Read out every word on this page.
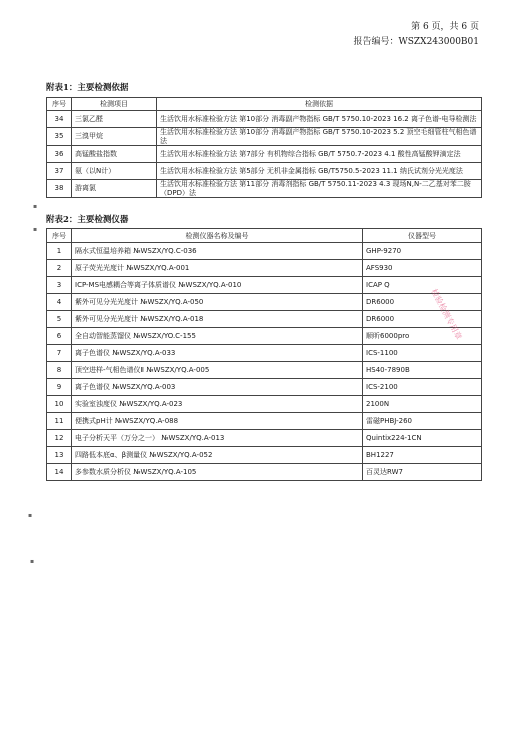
第 6 页，共 6 页
报告编号：WSZX243000B01
附表1：主要检测依据
序号	检测项目	检测依据
34	三氯乙醛	生活饮用水标准检验方法 第10部分 消毒副产物指标 GB/T 5750.10-2023 16.2 离子色谱-电导检测法
35	三溴甲烷	生活饮用水标准检验方法 第10部分 消毒副产物指标 GB/T 5750.10-2023 5.2 顶空毛细管柱气相色谱法
36	高锰酸盐指数	生活饮用水标准检验方法 第7部分 有机物综合指标 GB/T 5750.7-2023 4.1 酸性高锰酸钾滴定法
37	氨（以N计）	生活饮用水标准检验方法 第5部分 无机非金属指标 GB/T5750.5-2023 11.1 纳氏试剂分光光度法
38	游离氯	生活饮用水标准检验方法 第11部分 消毒剂指标 GB/T 5750.11-2023 4.3 现场N,N-二乙基对苯二胺（DPD）法
附表2：主要检测仪器
序号	检测仪器名称及编号	仪器型号
1	隔水式恒温培养箱 №WSZX/YQ.C-036	GHP-9270
2	原子荧光光度计 №WSZX/YQ.A-001	AFS930
3	ICP-MS电感耦合等离子体质谱仪 №WSZX/YQ.A-010	ICAP Q
4	紫外可见分光光度计 №WSZX/YQ.A-050	DR6000
5	紫外可见分光光度计 №WSZX/YQ.A-018	DR6000
6	全自动智能蒸馏仪 №WSZX/YO.C-155	顺昕6000pro
7	离子色谱仪 №WSZX/YQ.A-033	ICS-1100
8	顶空进样-气相色谱仪Ⅱ №WSZX/YQ.A-005	HS40-7890B
9	离子色谱仪 №WSZX/YQ.A-003	ICS-2100
10	实验室浊度仪 №WSZX/YQ.A-023	2100N
11	便携式pH计 №WSZX/YQ.A-088	雷磁PHBJ-260
12	电子分析天平（万分之一） №WSZX/YQ.A-013	Quintix224-1CN
13	四路低本底α、β测量仪 №WSZX/YQ.A-052	BH1227
14	多参数水质分析仪 №WSZX/YQ.A-105	百灵达RW7
检验检测专用章
▪
▪
▪
▪
